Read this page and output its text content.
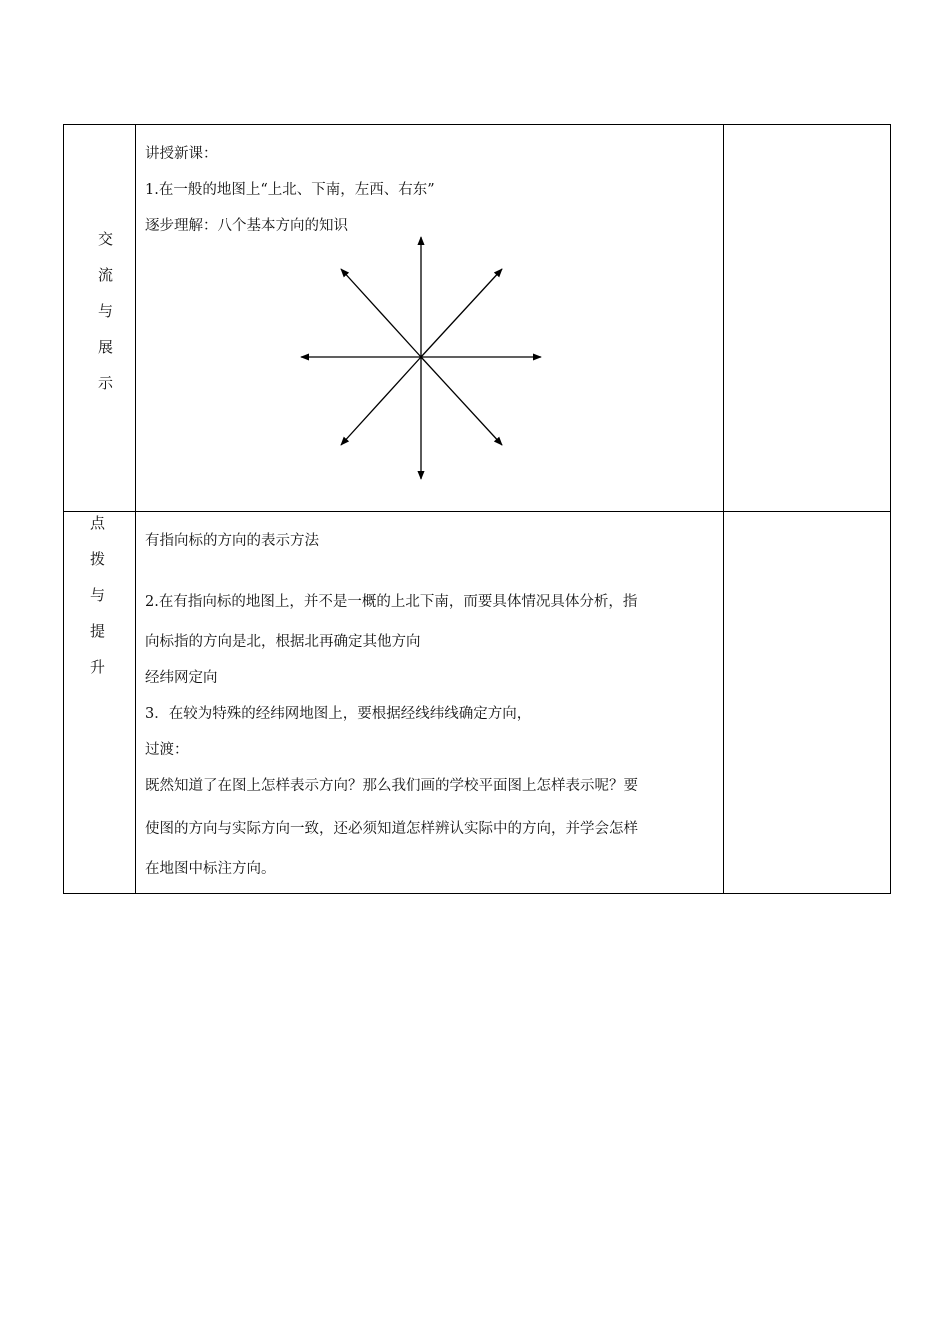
交
流
与
展
示
讲授新课：
1.在一般的地图上“上北、下南，左西、右东”
逐步理解：八个基本方向的知识
点
拨
与
提
升
有指向标的方向的表示方法
2.在有指向标的地图上，并不是一概的上北下南，而要具体情况具体分析，指
向标指的方向是北，根据北再确定其他方向
经纬网定向
3．在较为特殊的经纬网地图上，要根据经线纬线确定方向，
过渡：
既然知道了在图上怎样表示方向？那么我们画的学校平面图上怎样表示呢？要
使图的方向与实际方向一致，还必须知道怎样辨认实际中的方向，并学会怎样
在地图中标注方向。
